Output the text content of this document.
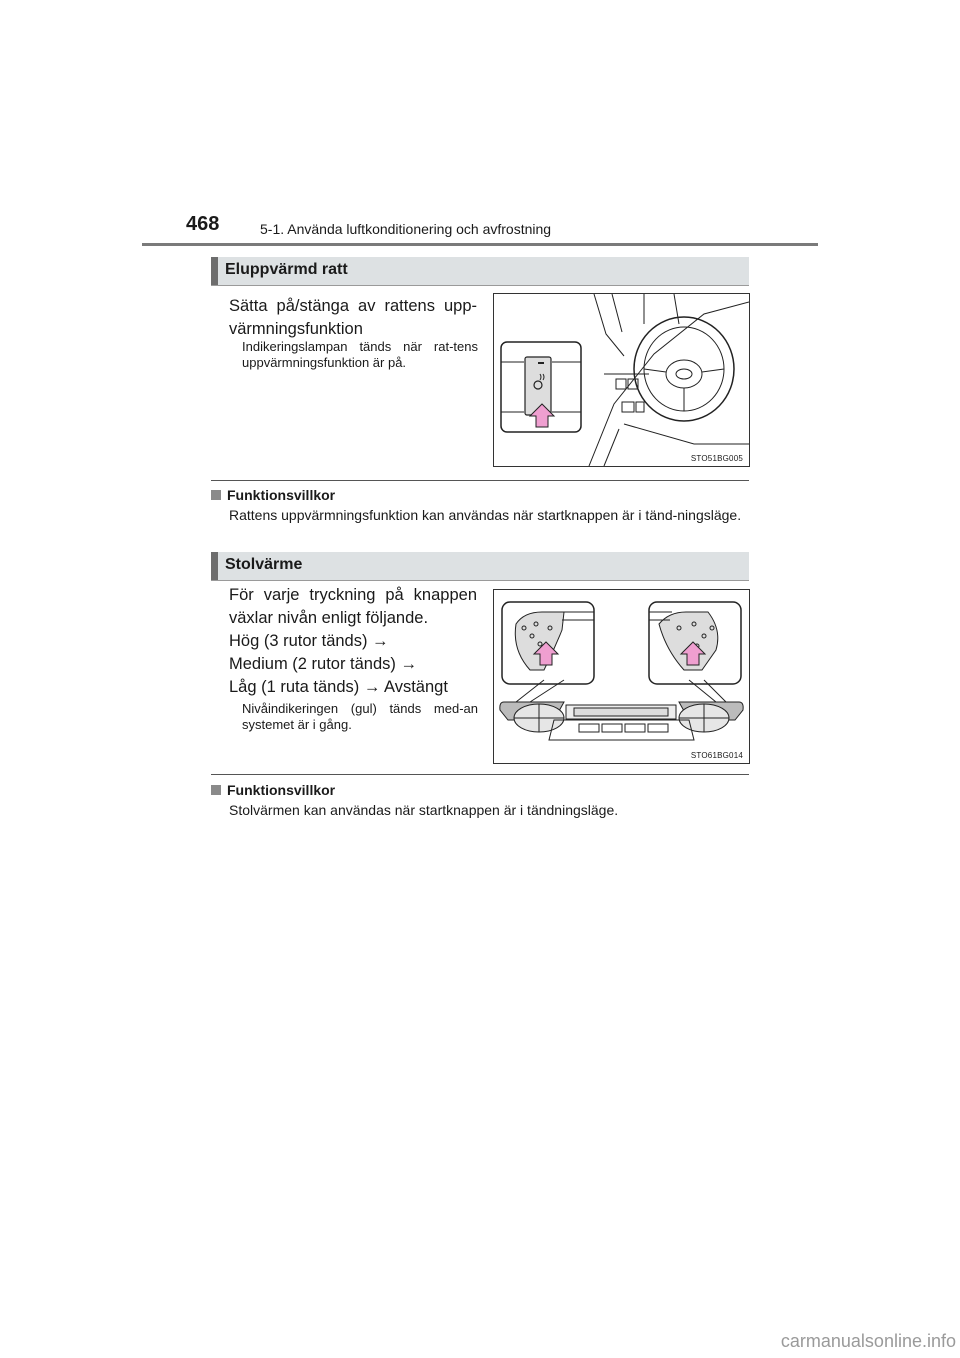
468	5-1. Använda luftkonditionering och avfrostning
Eluppvärmd ratt
Sätta på/stänga av rattens upp-värmningsfunktion
Indikeringslampan tänds när rat-tens uppvärmningsfunktion är på.
STO51BG005
Funktionsvillkor
Rattens uppvärmningsfunktion kan användas när startknappen är i tänd-ningsläge.
Stolvärme
För varje tryckning på knappen
växlar nivån enligt följande.
Hög (3 rutor tänds) →
Medium (2 rutor tänds) →
Låg (1 ruta tänds) → Avstängt
Nivåindikeringen (gul) tänds med-an systemet är i gång.
STO61BG014
Funktionsvillkor
Stolvärmen kan användas när startknappen är i tändningsläge.
carmanualsonline.info
